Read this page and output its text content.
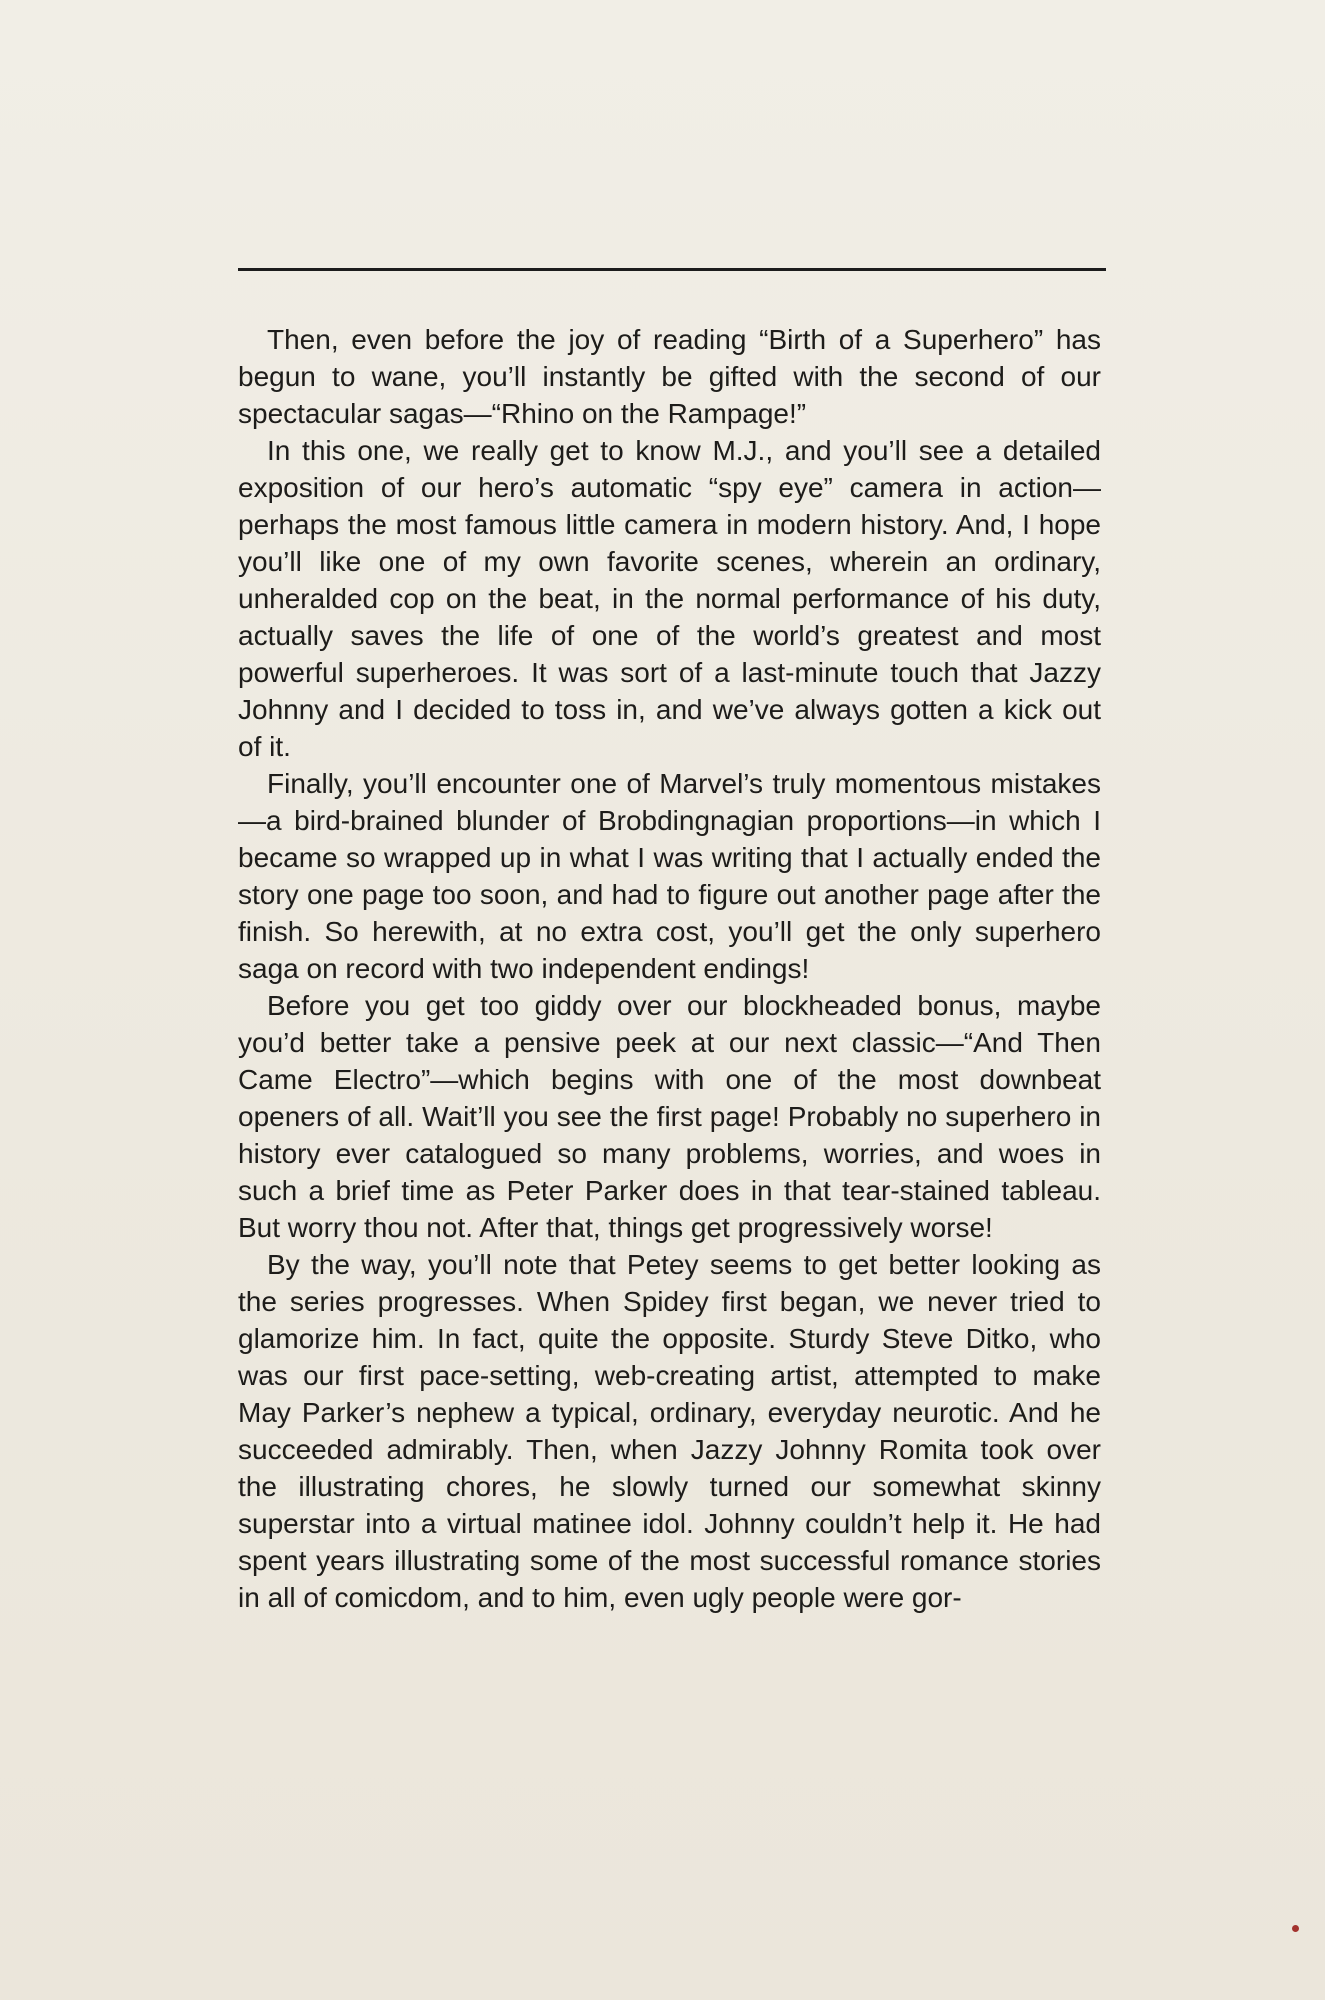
Then, even before the joy of reading “Birth of a Superhero” has begun to wane, you’ll instantly be gifted with the second of our spectacular sagas—“Rhino on the Rampage!”

In this one, we really get to know M.J., and you’ll see a detailed exposition of our hero’s automatic “spy eye” camera in action—perhaps the most famous little camera in modern history. And, I hope you’ll like one of my own favorite scenes, wherein an ordinary, unheralded cop on the beat, in the normal performance of his duty, actually saves the life of one of the world’s greatest and most powerful superheroes. It was sort of a last-minute touch that Jazzy Johnny and I decided to toss in, and we’ve always gotten a kick out of it.

Finally, you’ll encounter one of Marvel’s truly momentous mistakes—a bird-brained blunder of Brobdingnagian proportions—in which I became so wrapped up in what I was writing that I actually ended the story one page too soon, and had to figure out another page after the finish. So herewith, at no extra cost, you’ll get the only superhero saga on record with two independent endings!

Before you get too giddy over our blockheaded bonus, maybe you’d better take a pensive peek at our next classic—“And Then Came Electro”—which begins with one of the most downbeat openers of all. Wait’ll you see the first page! Probably no superhero in history ever catalogued so many problems, worries, and woes in such a brief time as Peter Parker does in that tear-stained tableau. But worry thou not. After that, things get progressively worse!

By the way, you’ll note that Petey seems to get better looking as the series progresses. When Spidey first began, we never tried to glamorize him. In fact, quite the opposite. Sturdy Steve Ditko, who was our first pace-setting, web-creating artist, attempted to make May Parker’s nephew a typical, ordinary, everyday neurotic. And he succeeded admirably. Then, when Jazzy Johnny Romita took over the illustrating chores, he slowly turned our somewhat skinny superstar into a virtual matinee idol. Johnny couldn’t help it. He had spent years illustrating some of the most successful romance stories in all of comicdom, and to him, even ugly people were gor-
